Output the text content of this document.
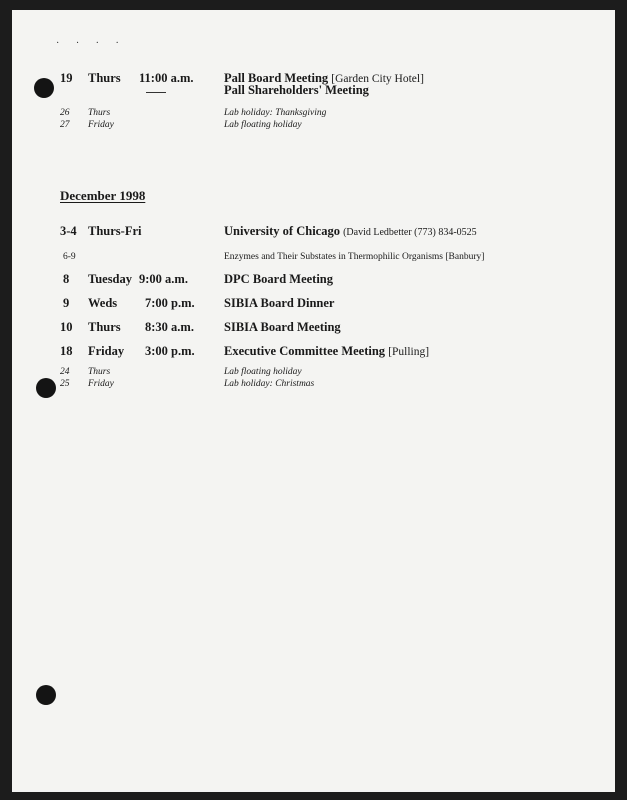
· · · ·
19 Thurs 11:00 a.m. Pall Board Meeting [Garden City Hotel]
Pall Shareholders' Meeting
26 Thurs	Lab holiday: Thanksgiving
27 Friday	Lab floating holiday
December 1998
3-4 Thurs-Fri	University of Chicago (David Ledbetter (773) 834-0525
6-9	Enzymes and Their Substates in Thermophilic Organisms [Banbury]
8 Tuesday 9:00 a.m.	DPC Board Meeting
9 Weds 7:00 p.m. SIBIA Board Dinner
10 Thurs 8:30 a.m. SIBIA Board Meeting
18 Friday 3:00 p.m. Executive Committee Meeting [Pulling]
24 Thurs	Lab floating holiday
25 Friday	Lab holiday: Christmas
